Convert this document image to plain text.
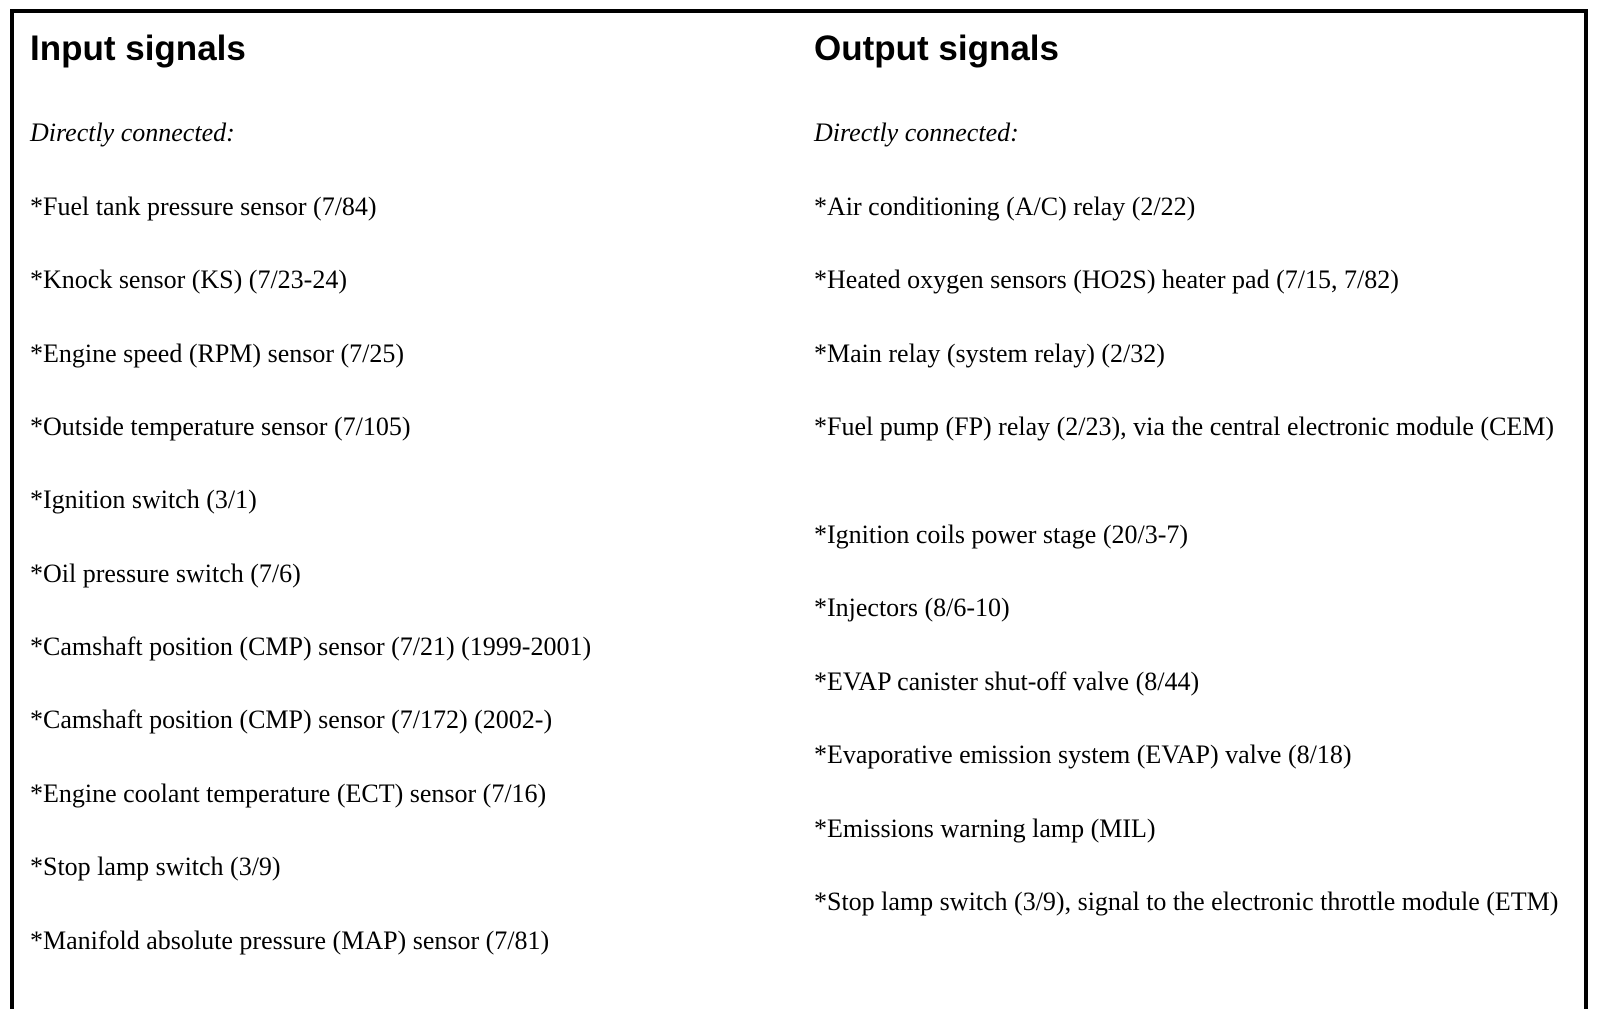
Input signals

Directly connected:

*Fuel tank pressure sensor (7/84)

*Knock sensor (KS) (7/23-24)

*Engine speed (RPM) sensor (7/25)

*Outside temperature sensor (7/105)

*Ignition switch (3/1)

*Oil pressure switch (7/6)

*Camshaft position (CMP) sensor (7/21) (1999-2001)

*Camshaft position (CMP) sensor (7/172) (2002-)

*Engine coolant temperature (ECT) sensor (7/16)

*Stop lamp switch (3/9)

*Manifold absolute pressure (MAP) sensor (7/81)

Output signals

Directly connected:

*Air conditioning (A/C) relay (2/22)

*Heated oxygen sensors (HO2S) heater pad (7/15, 7/82)

*Main relay (system relay) (2/32)

*Fuel pump (FP) relay (2/23), via the central electronic module (CEM)

*Ignition coils power stage (20/3-7)

*Injectors (8/6-10)

*EVAP canister shut-off valve (8/44)

*Evaporative emission system (EVAP) valve (8/18)

*Emissions warning lamp (MIL)

*Stop lamp switch (3/9), signal to the electronic throttle module (ETM)
